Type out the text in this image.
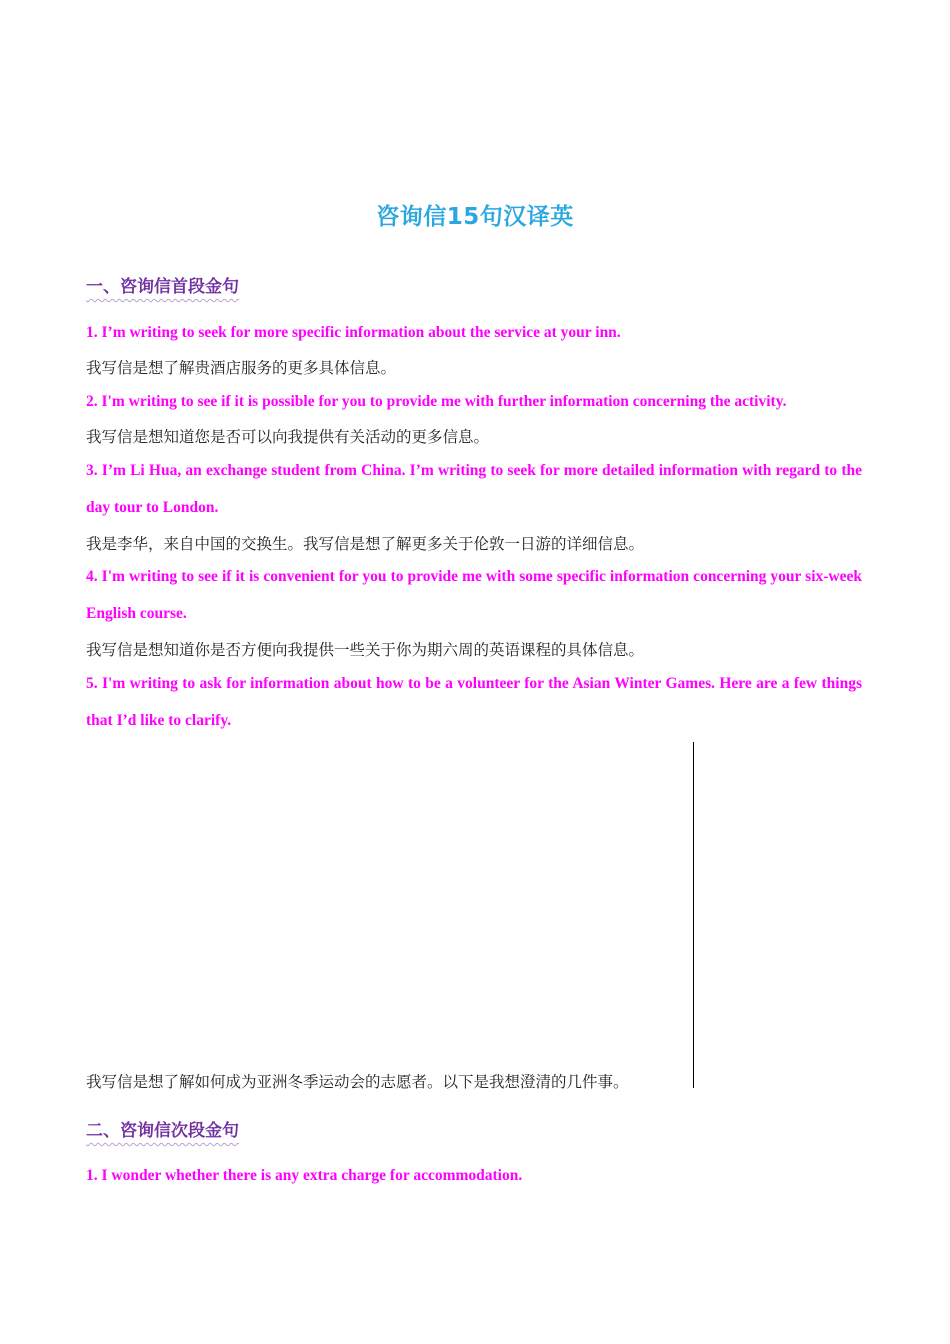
咨询信15句汉译英
一、咨询信首段金句
1. I’m writing to seek for more specific information about the service at your inn.
我写信是想了解贵酒店服务的更多具体信息。
2. I'm writing to see if it is possible for you to provide me with further information concerning the activity.
我写信是想知道您是否可以向我提供有关活动的更多信息。
3. I’m Li Hua, an exchange student from China. I’m writing to seek for more detailed information with regard to the day tour to London.
我是李华，来自中国的交换生。我写信是想了解更多关于伦敦一日游的详细信息。
4. I'm writing to see if it is convenient for you to provide me with some specific information concerning your six-week English course.
我写信是想知道你是否方便向我提供一些关于你为期六周的英语课程的具体信息。
5. I'm writing to ask for information about how to be a volunteer for the Asian Winter Games. Here are a few things that I’d like to clarify.
我写信是想了解如何成为亚洲冬季运动会的志愿者。以下是我想澄清的几件事。
二、咨询信次段金句
1. I wonder whether there is any extra charge for accommodation.
